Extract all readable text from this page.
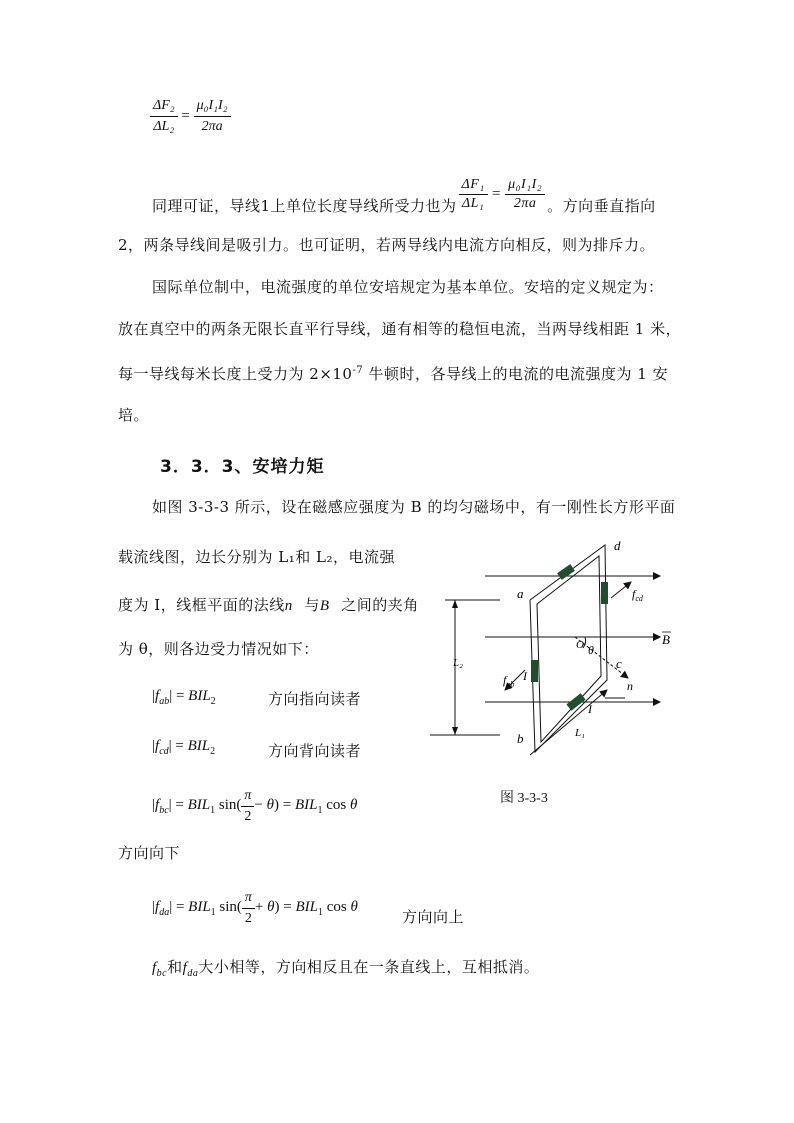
$\frac{\text{ΔF₂}}{\text{ΔL₂}} = \frac{\text{μ₀I₁I₂}}{2\pi a}$
同理可证，导线1上单位长度导线所受力也为 $\frac{\text{ΔF₁}}{\text{ΔL₁}} = \frac{\text{μ₀I₁I₂}}{2\pi a}$ 。方向垂直指向
2，两条导线间是吸引力。也可证明，若两导线内电流方向相反，则为排斥力。
国际单位制中，电流强度的单位安培规定为基本单位。安培的定义规定为：
放在真空中的两条无限长直平行导线，通有相等的稳恒电流，当两导线相距 1 米，
每一导线每米长度上受力为 $2\times 10^{-7}$ 牛顿时，各导线上的电流的电流强度为 1 安
培。
3．3．3、安培力矩
如图 3-3-3 所示，设在磁感应强度为 B 的均匀磁场中，有一刚性长方形平面
载流线图，边长分别为 L₁和 L₂，电流强
度为 I，线框平面的法线n⃗与B⃗之间的夹角
为 θ，则各边受力情况如下：
$|f_{ab}| = BIL_2$	方向指向读者
$|f_{cd}| = BIL_2$	方向背向读者
$|f_{bc}| = BIL_1$ $\sin( \frac{\pi}{2} - \theta) = BIL_1$ cos θ
方向向下
$|f_{da}| = BIL_1$ $\sin( \frac{\pi}{2} + \theta) = BIL_1$ cos θ
方向向上
$f_{bc}$和$f_{da}$大小相等，方向相反且在一条直线上，互相抵消。
a
d
c
b
L₂
L₁
I
I
θ
O	B
n
$f_{cd}$
$f_{ab}$
图 3-3-3
